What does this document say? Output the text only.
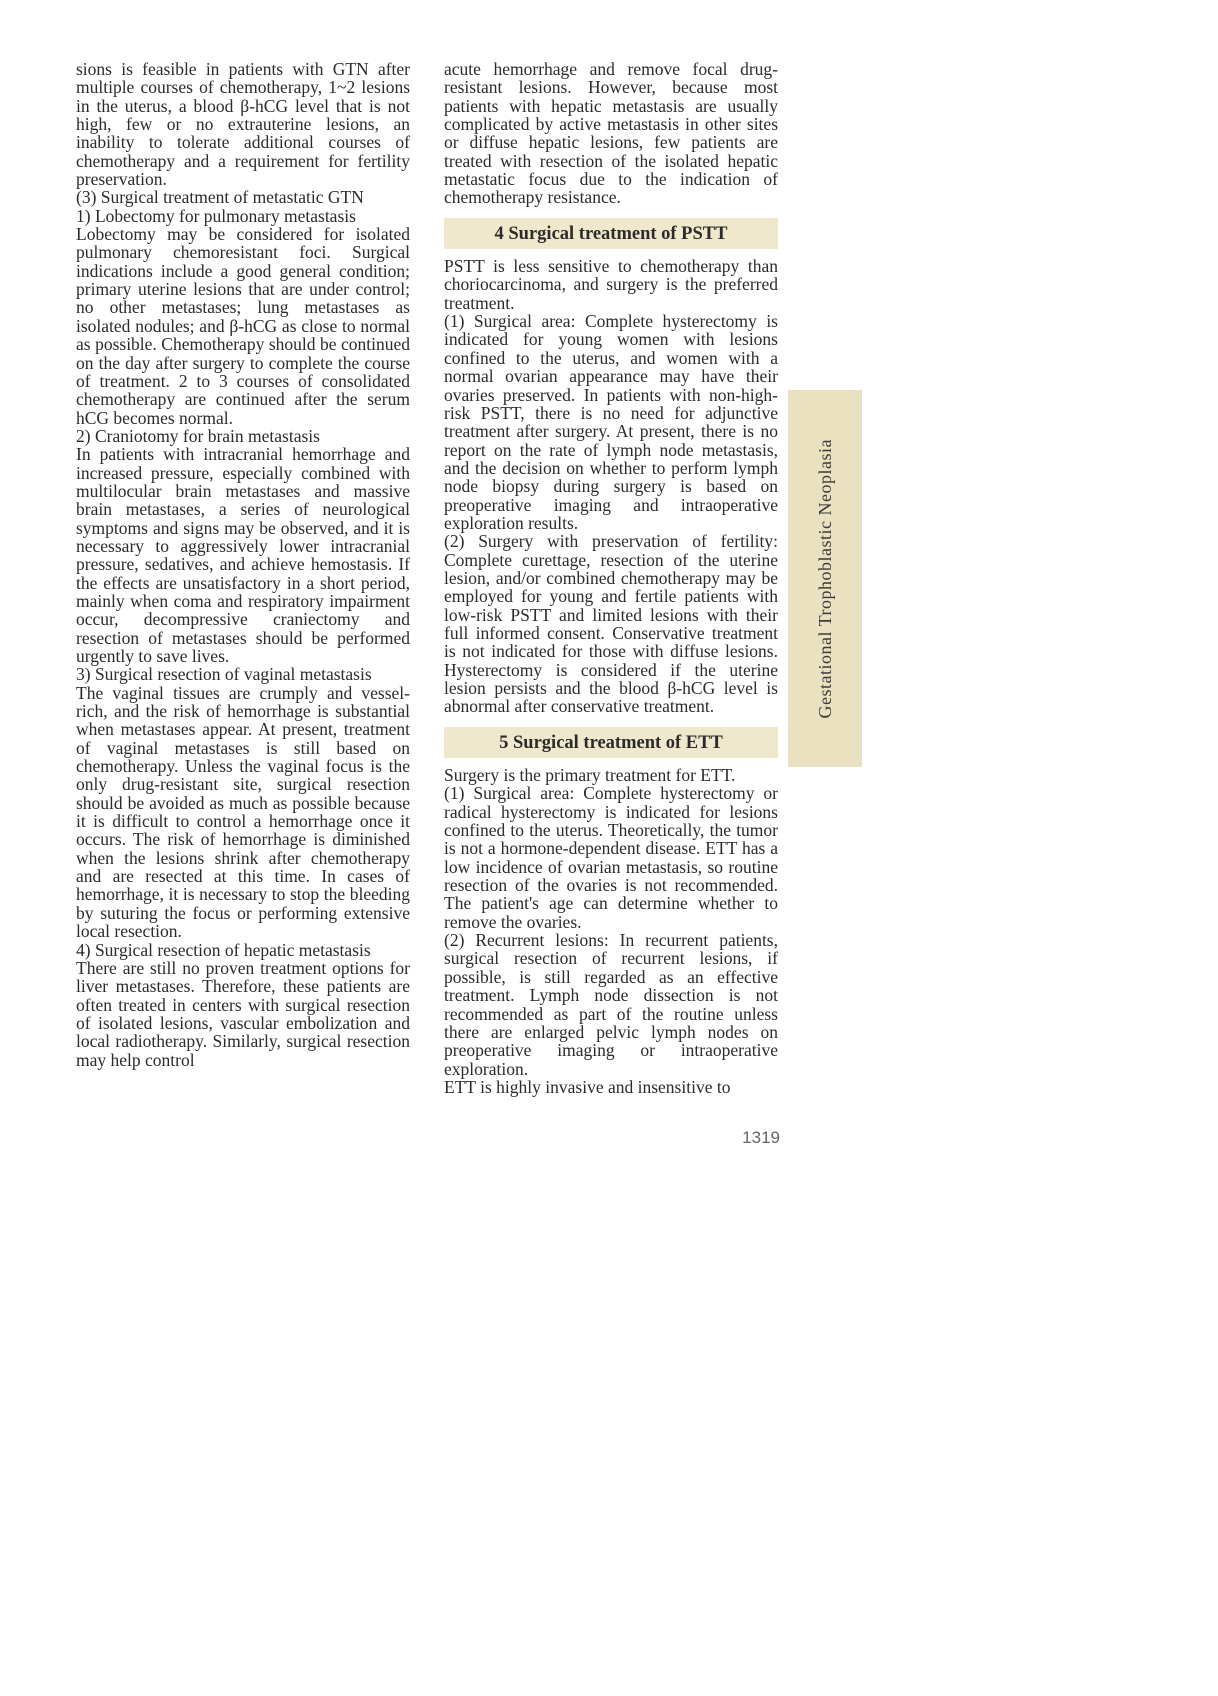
sions is feasible in patients with GTN after multiple courses of chemotherapy, 1~2 lesions in the uterus, a blood β-hCG level that is not high, few or no extrauterine lesions, an inability to tolerate additional courses of chemotherapy and a requirement for fertility preservation.
(3) Surgical treatment of metastatic GTN
1) Lobectomy for pulmonary metastasis
Lobectomy may be considered for isolated pulmonary chemoresistant foci. Surgical indications include a good general condition; primary uterine lesions that are under control; no other metastases; lung metastases as isolated nodules; and β-hCG as close to normal as possible. Chemotherapy should be continued on the day after surgery to complete the course of treatment. 2 to 3 courses of consolidated chemotherapy are continued after the serum hCG becomes normal.
2) Craniotomy for brain metastasis
In patients with intracranial hemorrhage and increased pressure, especially combined with multilocular brain metastases and massive brain metastases, a series of neurological symptoms and signs may be observed, and it is necessary to aggressively lower intracranial pressure, sedatives, and achieve hemostasis. If the effects are unsatisfactory in a short period, mainly when coma and respiratory impairment occur, decompressive craniectomy and resection of metastases should be performed urgently to save lives.
3) Surgical resection of vaginal metastasis
The vaginal tissues are crumply and vessel-rich, and the risk of hemorrhage is substantial when metastases appear. At present, treatment of vaginal metastases is still based on chemotherapy. Unless the vaginal focus is the only drug-resistant site, surgical resection should be avoided as much as possible because it is difficult to control a hemorrhage once it occurs. The risk of hemorrhage is diminished when the lesions shrink after chemotherapy and are resected at this time. In cases of hemorrhage, it is necessary to stop the bleeding by suturing the focus or performing extensive local resection.
4) Surgical resection of hepatic metastasis
There are still no proven treatment options for liver metastases. Therefore, these patients are often treated in centers with surgical resection of isolated lesions, vascular embolization and local radiotherapy. Similarly, surgical resection may help control
acute hemorrhage and remove focal drug-resistant lesions. However, because most patients with hepatic metastasis are usually complicated by active metastasis in other sites or diffuse hepatic lesions, few patients are treated with resection of the isolated hepatic metastatic focus due to the indication of chemotherapy resistance.
4 Surgical treatment of PSTT
PSTT is less sensitive to chemotherapy than choriocarcinoma, and surgery is the preferred treatment.
(1) Surgical area: Complete hysterectomy is indicated for young women with lesions confined to the uterus, and women with a normal ovarian appearance may have their ovaries preserved. In patients with non-high-risk PSTT, there is no need for adjunctive treatment after surgery. At present, there is no report on the rate of lymph node metastasis, and the decision on whether to perform lymph node biopsy during surgery is based on preoperative imaging and intraoperative exploration results.
(2) Surgery with preservation of fertility: Complete curettage, resection of the uterine lesion, and/or combined chemotherapy may be employed for young and fertile patients with low-risk PSTT and limited lesions with their full informed consent. Conservative treatment is not indicated for those with diffuse lesions. Hysterectomy is considered if the uterine lesion persists and the blood β-hCG level is abnormal after conservative treatment.
5 Surgical treatment of ETT
Surgery is the primary treatment for ETT.
(1) Surgical area: Complete hysterectomy or radical hysterectomy is indicated for lesions confined to the uterus. Theoretically, the tumor is not a hormone-dependent disease. ETT has a low incidence of ovarian metastasis, so routine resection of the ovaries is not recommended. The patient's age can determine whether to remove the ovaries.
(2) Recurrent lesions: In recurrent patients, surgical resection of recurrent lesions, if possible, is still regarded as an effective treatment. Lymph node dissection is not recommended as part of the routine unless there are enlarged pelvic lymph nodes on preoperative imaging or intraoperative exploration.
ETT is highly invasive and insensitive to
Gestational Trophoblastic Neoplasia
1319
